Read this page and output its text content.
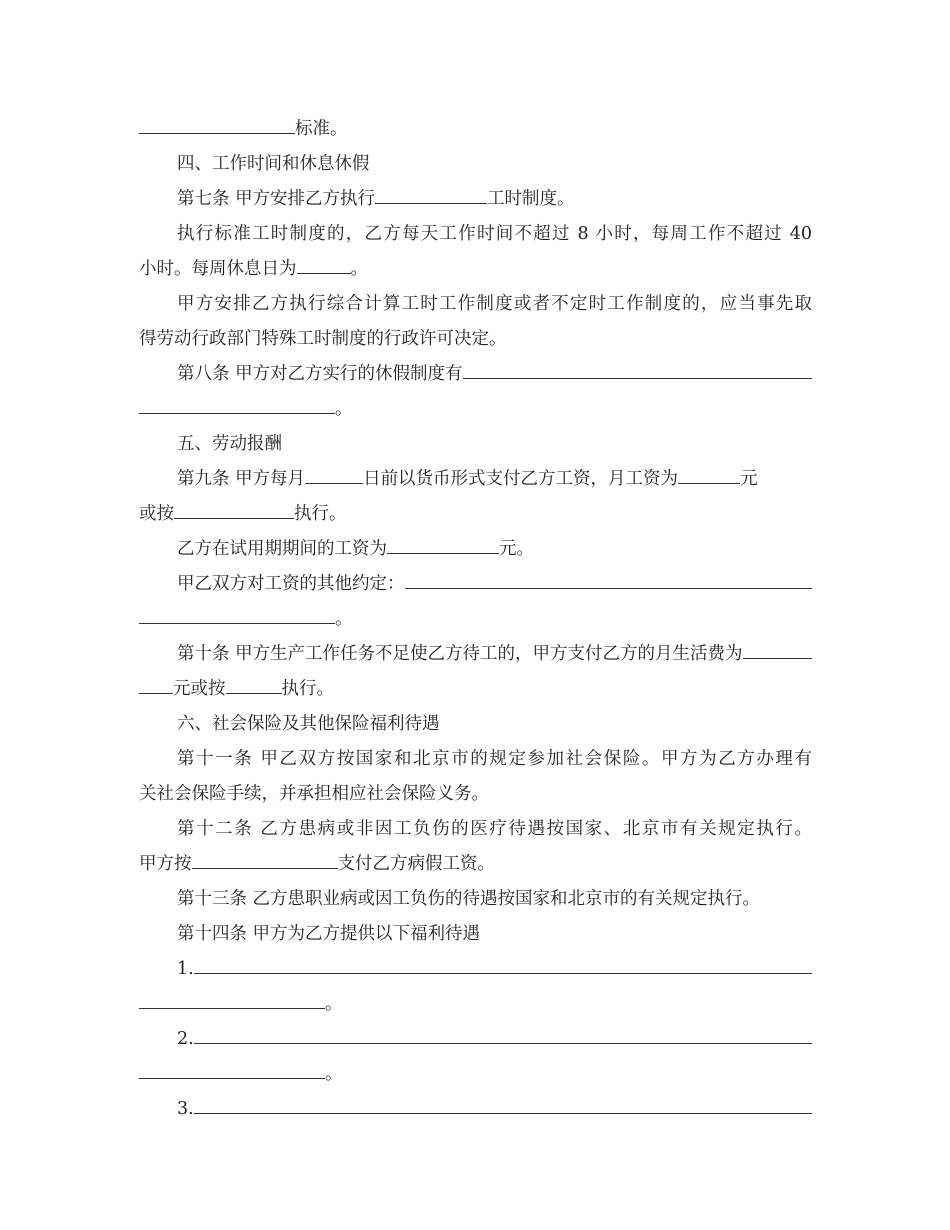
标准。
四、工作时间和休息休假
第七条 甲方安排乙方执行	工时制度。
执行标准工时制度的，乙方每天工作时间不超过 8 小时，每周工作不超过 40
小时。每周休息日为	。
甲方安排乙方执行综合计算工时工作制度或者不定时工作制度的，应当事先取
得劳动行政部门特殊工时制度的行政许可决定。
第八条 甲方对乙方实行的休假制度有
。
五、劳动报酬
第九条 甲方每月	日前以货币形式支付乙方工资，月工资为	元
或按	执行。
乙方在试用期期间的工资为	元。
甲乙双方对工资的其他约定：
。
第十条 甲方生产工作任务不足使乙方待工的，甲方支付乙方的月生活费为
元或按	执行。
六、社会保险及其他保险福利待遇
第十一条 甲乙双方按国家和北京市的规定参加社会保险。甲方为乙方办理有
关社会保险手续，并承担相应社会保险义务。
第十二条 乙方患病或非因工负伤的医疗待遇按国家、北京市有关规定执行。
甲方按	支付乙方病假工资。
第十三条 乙方患职业病或因工负伤的待遇按国家和北京市的有关规定执行。
第十四条 甲方为乙方提供以下福利待遇
1.
。
2.
。
3.
